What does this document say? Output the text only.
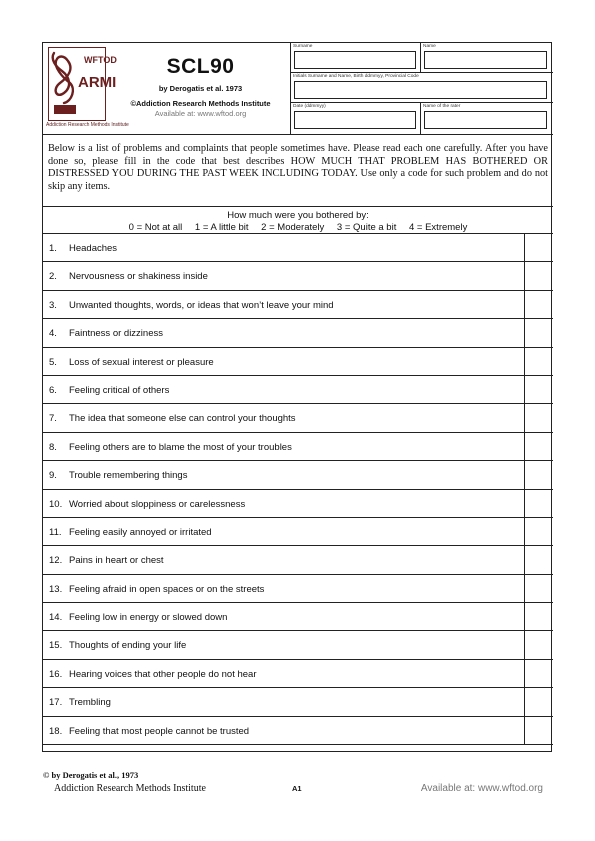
WFTOD
ARMI
Addiction Research Methods Institute
SCL90
by Derogatis et al. 1973
©Addiction Research Methods Institute
Available at: www.wftod.org
Surname	Name
Initials Surname and Name, Birth ddmmyy, Provincial Code
Date (ddmmyy)	Name of the rater
Below is a list of problems and complaints that people sometimes have. Please read each one carefully. After you have done so, please fill in the code that best describes HOW MUCH THAT PROBLEM HAS BOTHERED OR DISTRESSED YOU DURING THE PAST WEEK INCLUDING TODAY. Use only a code for such problem and do not skip any items.
How much were you bothered by:
0 = Not at all 1 = A little bit 2 = Moderately 3 = Quite a bit 4 = Extremely
1. Headaches
2. Nervousness or shakiness inside
3. Unwanted thoughts, words, or ideas that won’t leave your mind
4. Faintness or dizziness
5. Loss of sexual interest or pleasure
6. Feeling critical of others
7. The idea that someone else can control your thoughts
8. Feeling others are to blame the most of your troubles
9. Trouble remembering things
10. Worried about sloppiness or carelessness
11. Feeling easily annoyed or irritated
12. Pains in heart or chest
13. Feeling afraid in open spaces or on the streets
14. Feeling low in energy or slowed down
15. Thoughts of ending your life
16. Hearing voices that other people do not hear
17. Trembling
18. Feeling that most people cannot be trusted
© by Derogatis et al., 1973
Addiction Research Methods Institute	A1	Available at: www.wftod.org
